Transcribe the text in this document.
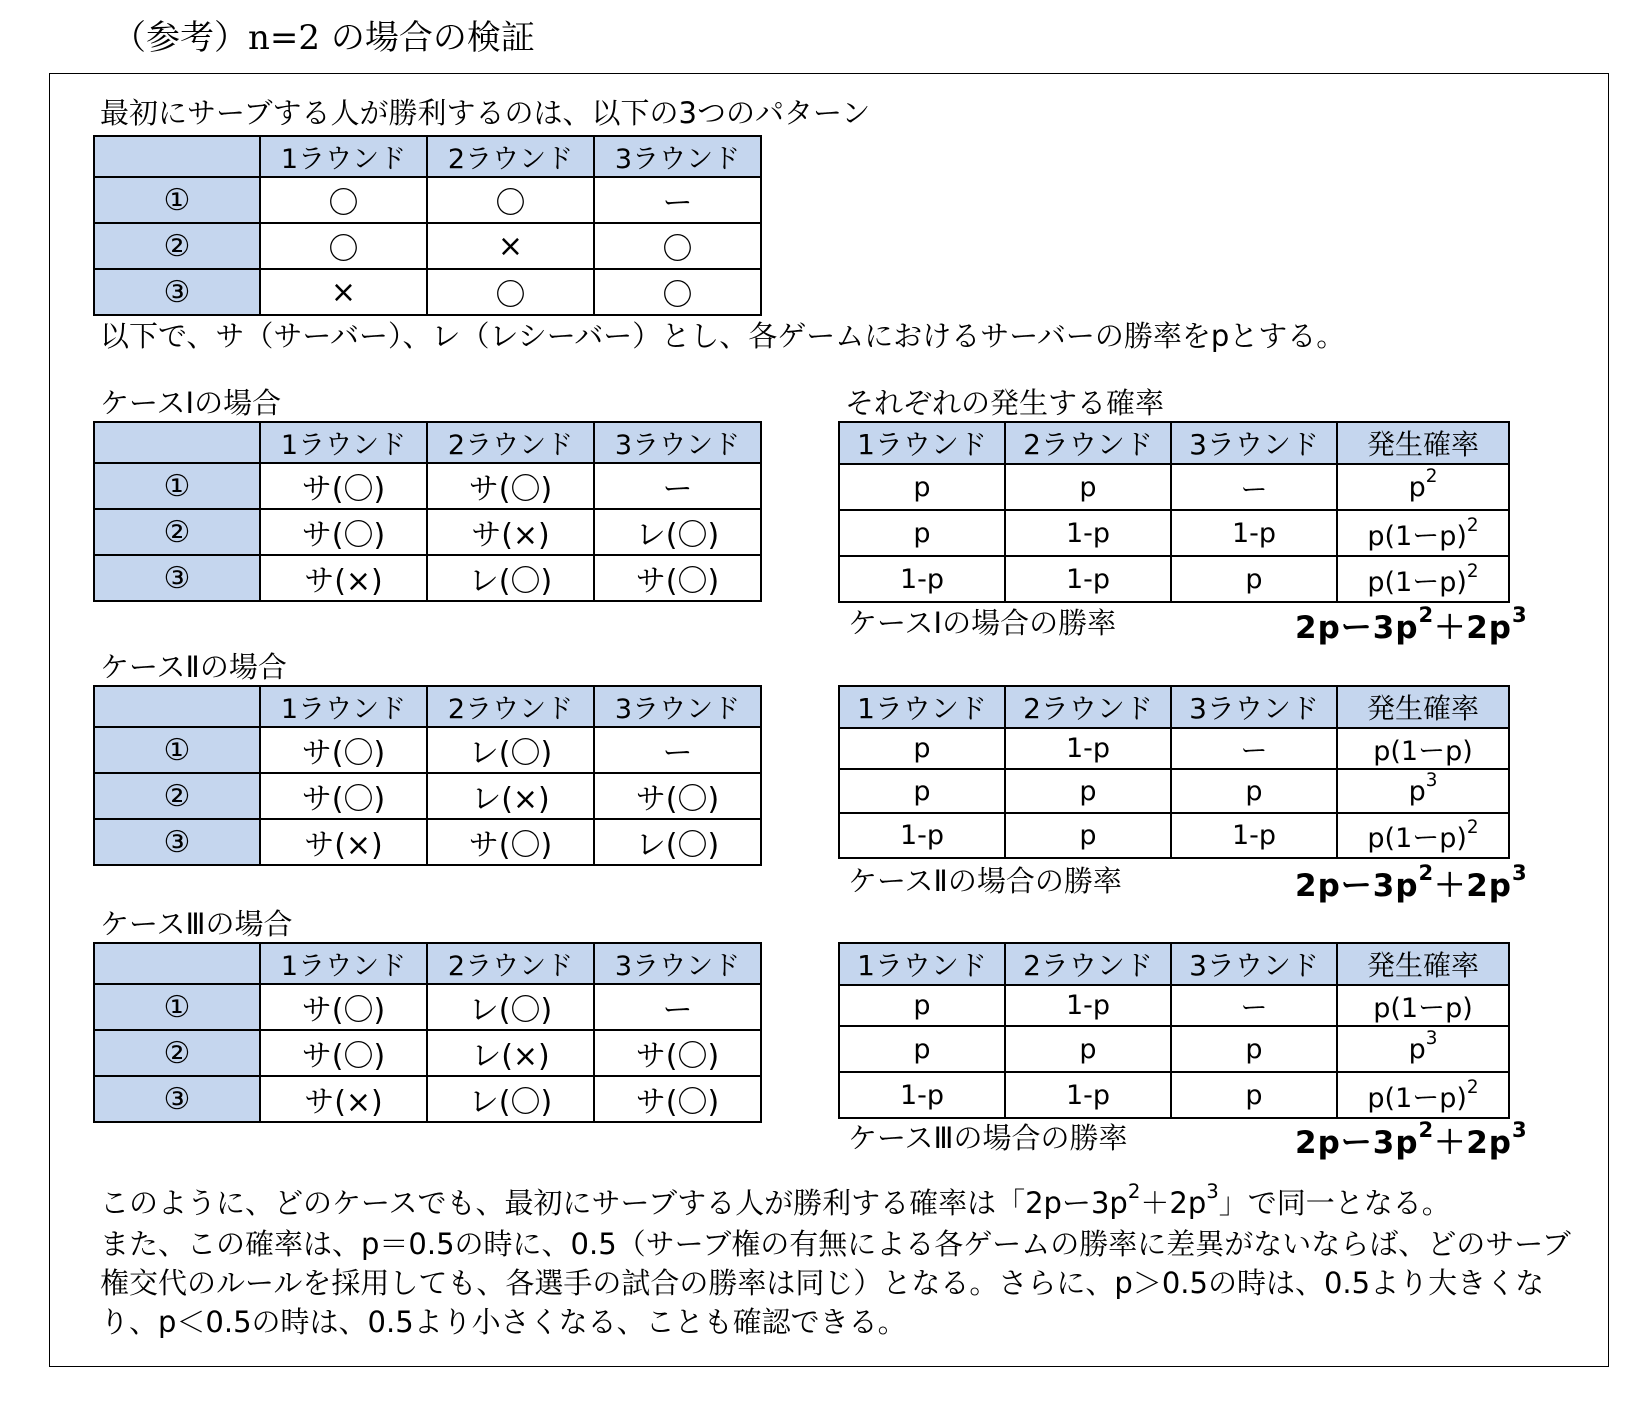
（参考）n=2 の場合の検証
最初にサーブする人が勝利するのは、以下の3つのパターン
	1ラウンド	2ラウンド	3ラウンド
①	〇	〇	ー
②	〇	×	〇
③	×	〇	〇
以下で、サ（サーバー）、レ（レシーバー）とし、各ゲームにおけるサーバーの勝率をpとする。
それぞれの発生する確率
ケースⅠの場合
	1ラウンド	2ラウンド	3ラウンド
①	サ(〇)	サ(〇)	ー
②	サ(〇)	サ(×)	レ(〇)
③	サ(×)	レ(〇)	サ(〇)
1ラウンド	2ラウンド	3ラウンド	発生確率
p	p	ー	$p^2$
p	1-p	1-p	p(1ーp)$^2$
1-p	1-p	p	p(1ーp)$^2$
ケースⅠの場合の勝率	2pー$3p^2+2p^3$
ケースⅡの場合
	1ラウンド	2ラウンド	3ラウンド
①	サ(〇)	レ(〇)	ー
②	サ(〇)	レ(×)	サ(〇)
③	サ(×)	サ(〇)	レ(〇)
1ラウンド	2ラウンド	3ラウンド	発生確率
p	1-p	ー	p(1ーp)
p	p	p	$p^3$
1-p	p	1-p	p(1ーp)$^2$
ケースⅡの場合の勝率	2pー$3p^2+2p^3$
ケースⅢの場合
	1ラウンド	2ラウンド	3ラウンド
①	サ(〇)	レ(〇)	ー
②	サ(〇)	レ(×)	サ(〇)
③	サ(×)	レ(〇)	サ(〇)
1ラウンド	2ラウンド	3ラウンド	発生確率
p	1-p	ー	p(1ーp)
p	p	p	$p^3$
1-p	1-p	p	p(1ーp)$^2$
ケースⅢの場合の勝率	2pー$3p^2+2p^3$
このように、どのケースでも、最初にサーブする人が勝利する確率は「2pー$3p^2+2p^3$」で同一となる。
また、この確率は、p＝0.5の時に、0.5（サーブ権の有無による各ゲームの勝率に差異がないならば、どのサーブ権交代のルールを採用しても、各選手の試合の勝率は同じ）となる。さらに、p＞0.5の時は、0.5より大きくなり、p＜0.5の時は、0.5より小さくなる、ことも確認できる。
